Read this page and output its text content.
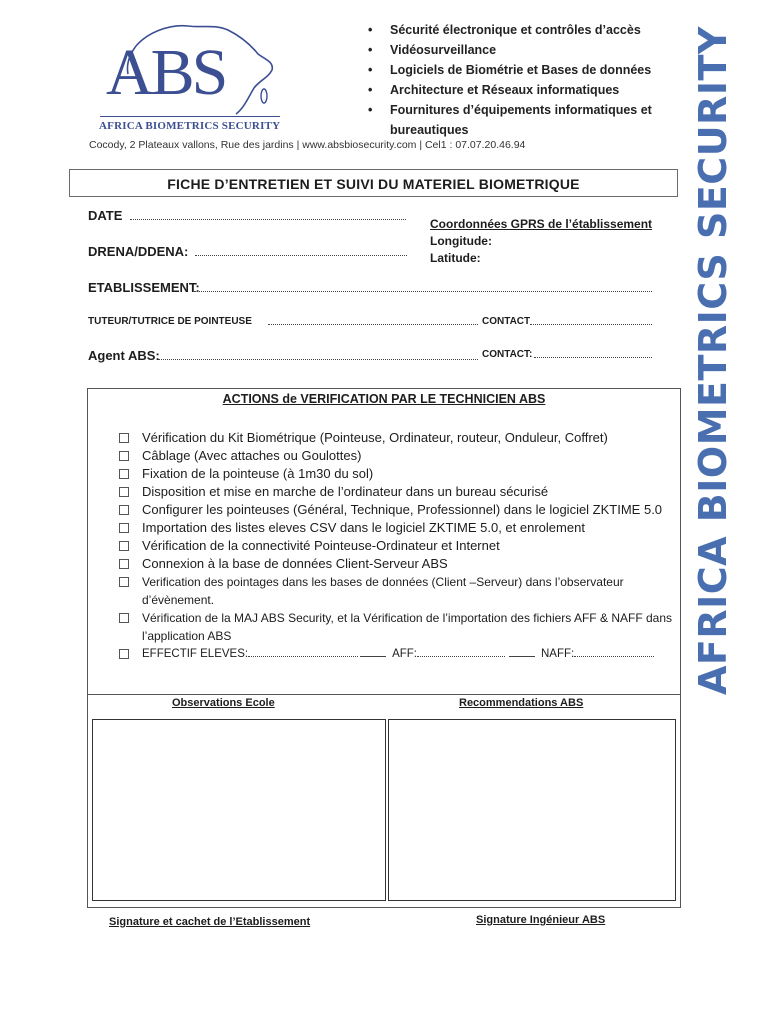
ABS
AFRICA BIOMETRICS SECURITY
• Sécurité électronique et contrôles d’accès
• Vidéosurveillance
• Logiciels de Biométrie et Bases de données
• Architecture et Réseaux informatiques
• Fournitures d’équipements informatiques et bureautiques
Cocody, 2 Plateaux vallons, Rue des jardins | www.absbiosecurity.com | Cel1 : 07.07.20.46.94	AFRICA BIOMETRICS SECURITY
FICHE D’ENTRETIEN ET SUIVI DU MATERIEL BIOMETRIQUE
DATE
DRENA/DDENA:
Coordonnées GPRS de l’établissement
Longitude:
Latitude:
ETABLISSEMENT:
TUTEUR/TUTRICE DE POINTEUSE	CONTACT
Agent ABS:	CONTACT:
ACTIONS de VERIFICATION PAR LE TECHNICIEN ABS
Vérification du Kit Biométrique (Pointeuse, Ordinateur, routeur, Onduleur, Coffret)
Câblage (Avec attaches ou Goulottes)
Fixation de la pointeuse (à 1m30 du sol)
Disposition et mise en marche de l’ordinateur dans un bureau sécurisé
Configurer les pointeuses (Général, Technique, Professionnel) dans le logiciel ZKTIME 5.0
Importation des listes eleves CSV dans le logiciel ZKTIME 5.0, et enrolement
Vérification de la connectivité Pointeuse-Ordinateur et Internet
Connexion à la base de données Client-Serveur ABS
Verification des pointages dans les bases de données (Client –Serveur) dans l’observateur d’évènement.
Vérification de la MAJ ABS Security, et la Vérification de l’importation des fichiers AFF & NAFF dans l’application ABS
EFFECTIF ELEVES:	AFF:	NAFF:
Observations Ecole	Recommendations ABS
Signature et cachet de l’Etablissement	Signature Ingénieur ABS
